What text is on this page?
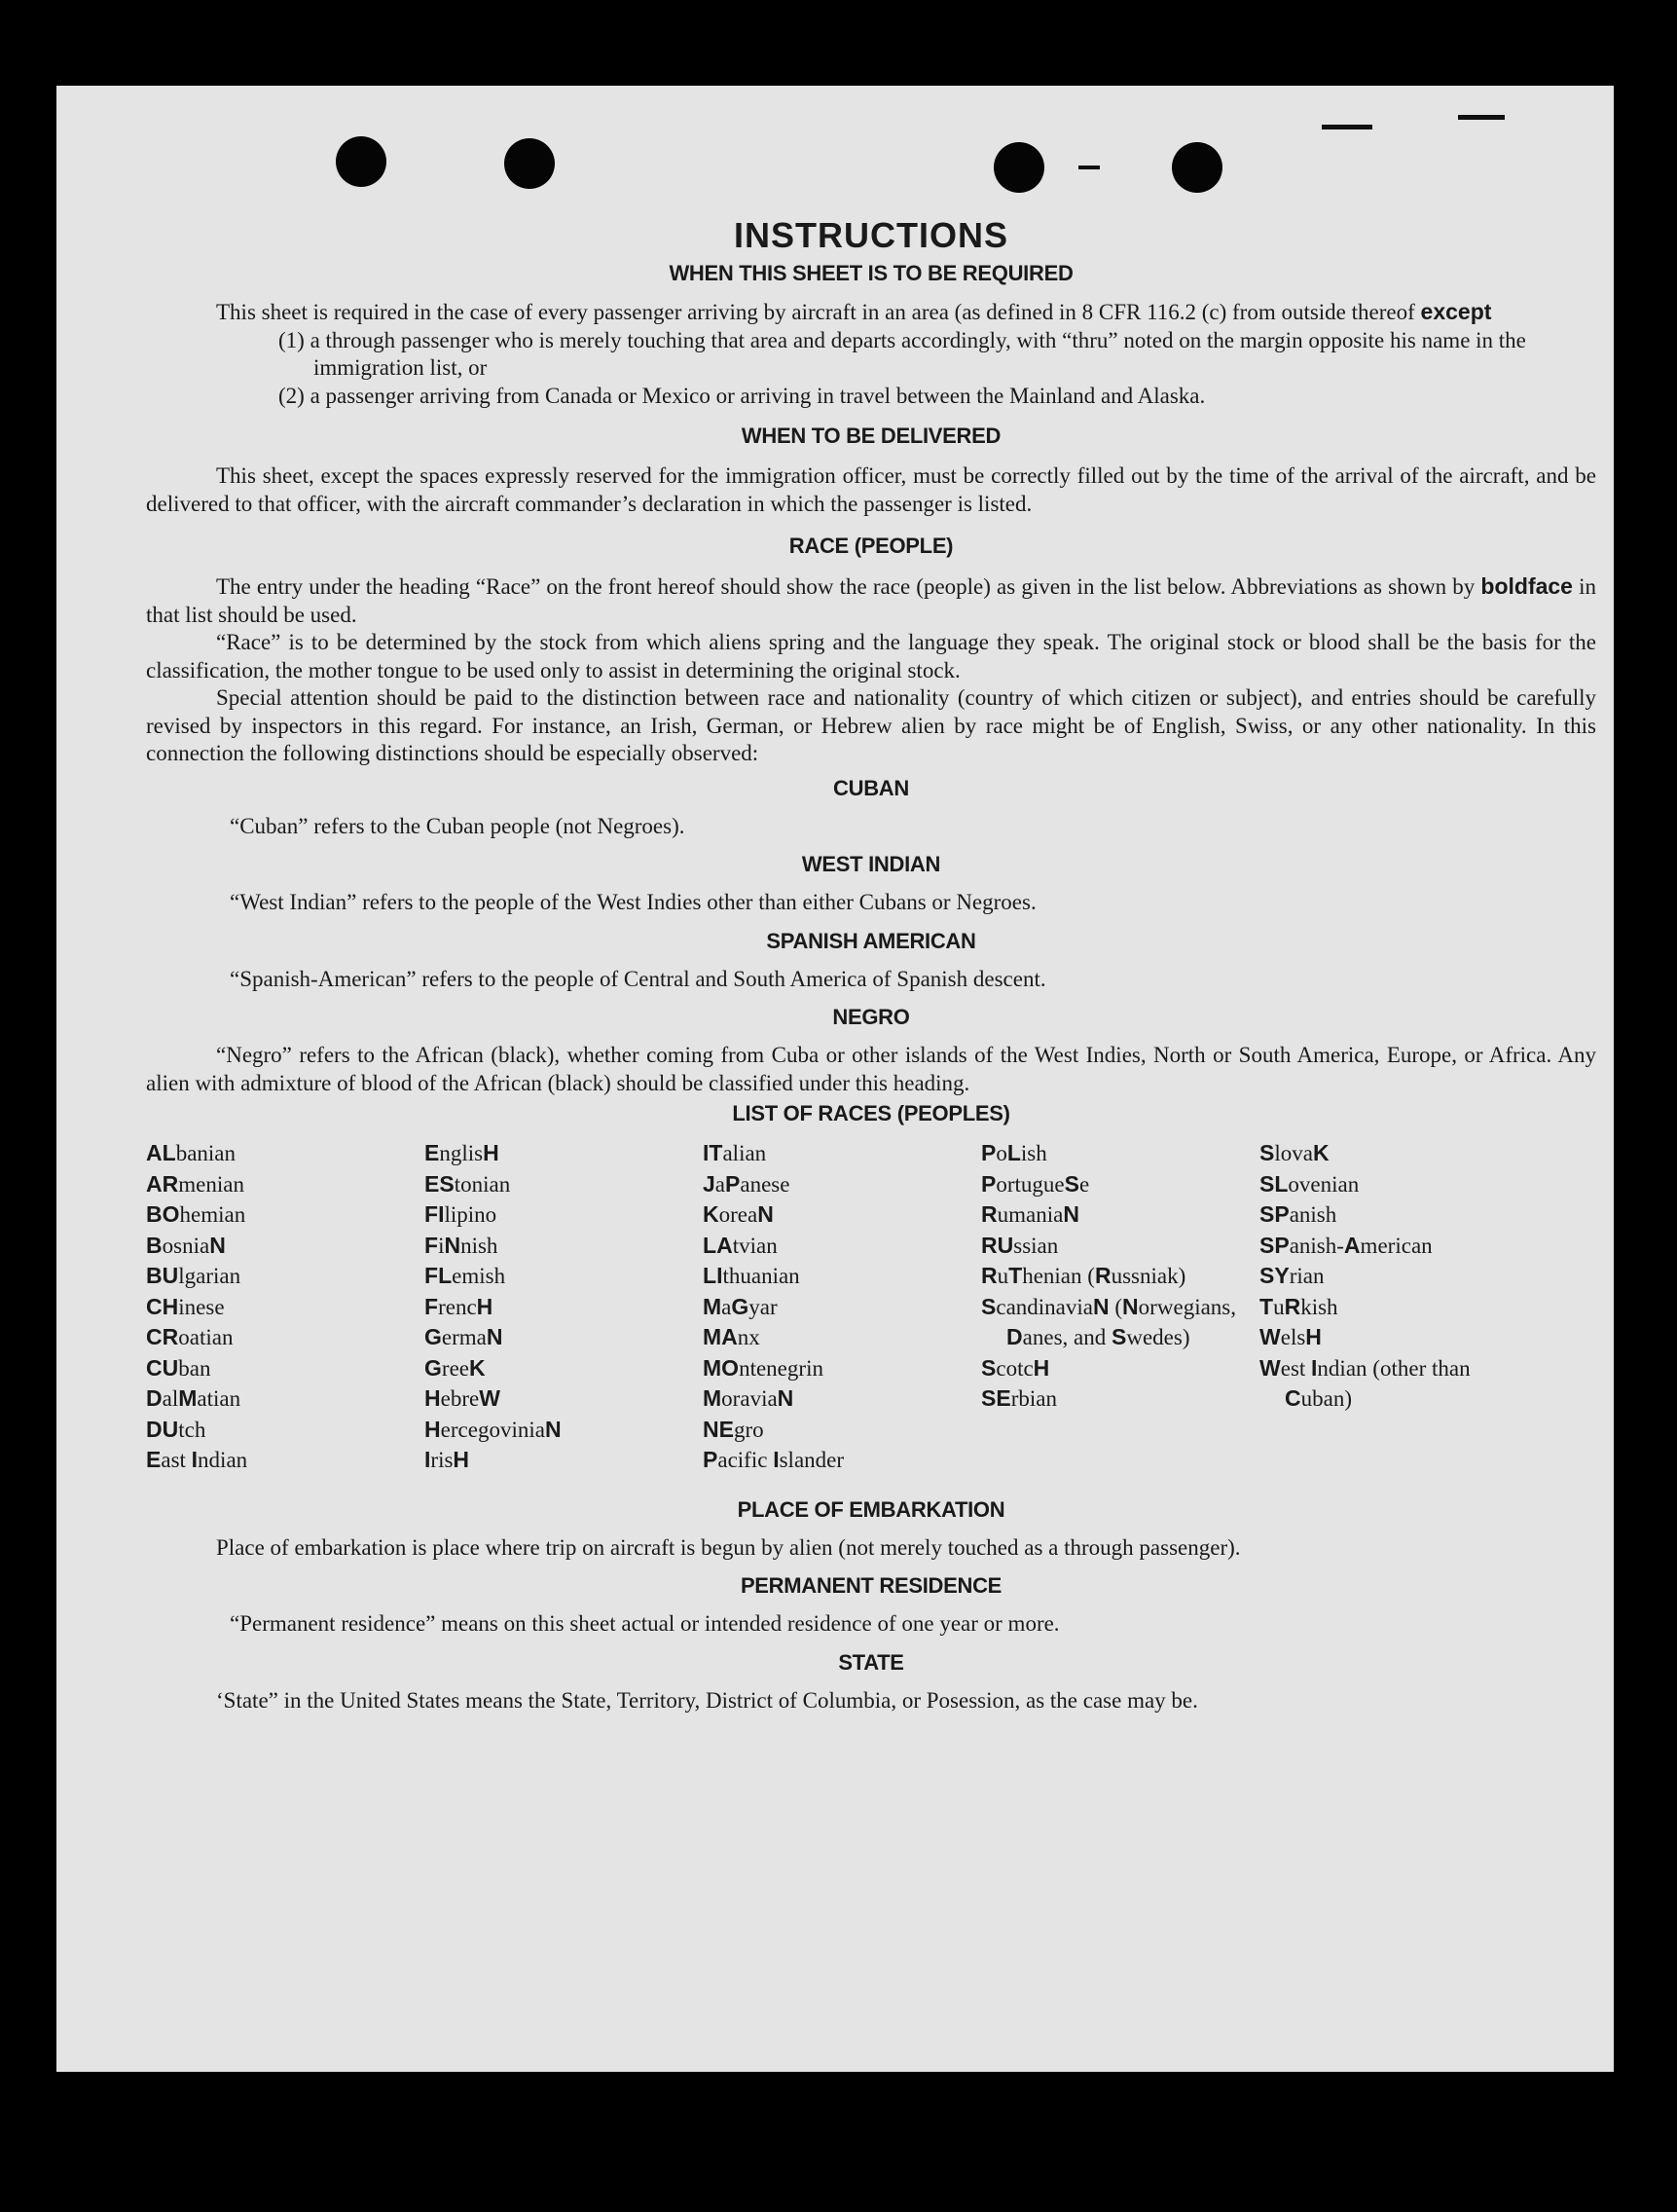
INSTRUCTIONS
WHEN THIS SHEET IS TO BE REQUIRED

This sheet is required in the case of every passenger arriving by aircraft in an area (as defined in 8 CFR 116.2 (c) from outside thereof except

(1) a through passenger who is merely touching that area and departs accordingly, with “thru” noted on the margin opposite his name in the immigration list, or

(2) a passenger arriving from Canada or Mexico or arriving in travel between the Mainland and Alaska.

WHEN TO BE DELIVERED

This sheet, except the spaces expressly reserved for the immigration officer, must be correctly filled out by the time of the arrival of the aircraft, and be delivered to that officer, with the aircraft commander’s declaration in which the passenger is listed.

RACE (PEOPLE)

The entry under the heading “Race” on the front hereof should show the race (people) as given in the list below. Abbreviations as shown by boldface in that list should be used.

“Race” is to be determined by the stock from which aliens spring and the language they speak. The original stock or blood shall be the basis for the classification, the mother tongue to be used only to assist in determining the original stock.

Special attention should be paid to the distinction between race and nationality (country of which citizen or subject), and entries should be carefully revised by inspectors in this regard. For instance, an Irish, German, or Hebrew alien by race might be of English, Swiss, or any other nationality. In this connection the following distinctions should be especially observed:

CUBAN

“Cuban” refers to the Cuban people (not Negroes).

WEST INDIAN

“West Indian” refers to the people of the West Indies other than either Cubans or Negroes.

SPANISH AMERICAN

“Spanish-American” refers to the people of Central and South America of Spanish descent.

NEGRO

“Negro” refers to the African (black), whether coming from Cuba or other islands of the West Indies, North or South America, Europe, or Africa. Any alien with admixture of blood of the African (black) should be classified under this heading.

LIST OF RACES (PEOPLES)

ALbanian

ARmenian

BOhemian

BosniaN

BUlgarian

CHinese

CRoatian

CUban

DalMatian

DUtch

East Indian

EnglisH

EStonian

FIlipino

FiNnish

FLemish

FrencH

GermaN

GreeK

HebreW

HercegoviniaN

IrisH

ITalian

JaPanese

KoreaN

LAtvian

LIthuanian

MaGyar

MAnx

MOntenegrin

MoraviaN

NEgro

Pacific Islander

PoLish

PortugueSe

RumaniaN

RUssian

RuThenian (Russniak)

ScandinaviaN (Norwegians, Danes, and Swedes)

ScotcH

SErbian

SlovaK

SLovenian

SPanish

SPanish-American

SYrian

TuRkish

WelsH

West Indian (other than Cuban)

PLACE OF EMBARKATION

Place of embarkation is place where trip on aircraft is begun by alien (not merely touched as a through passenger).

PERMANENT RESIDENCE

“Permanent residence” means on this sheet actual or intended residence of one year or more.

STATE

‘State” in the United States means the State, Territory, District of Columbia, or Posession, as the case may be.
